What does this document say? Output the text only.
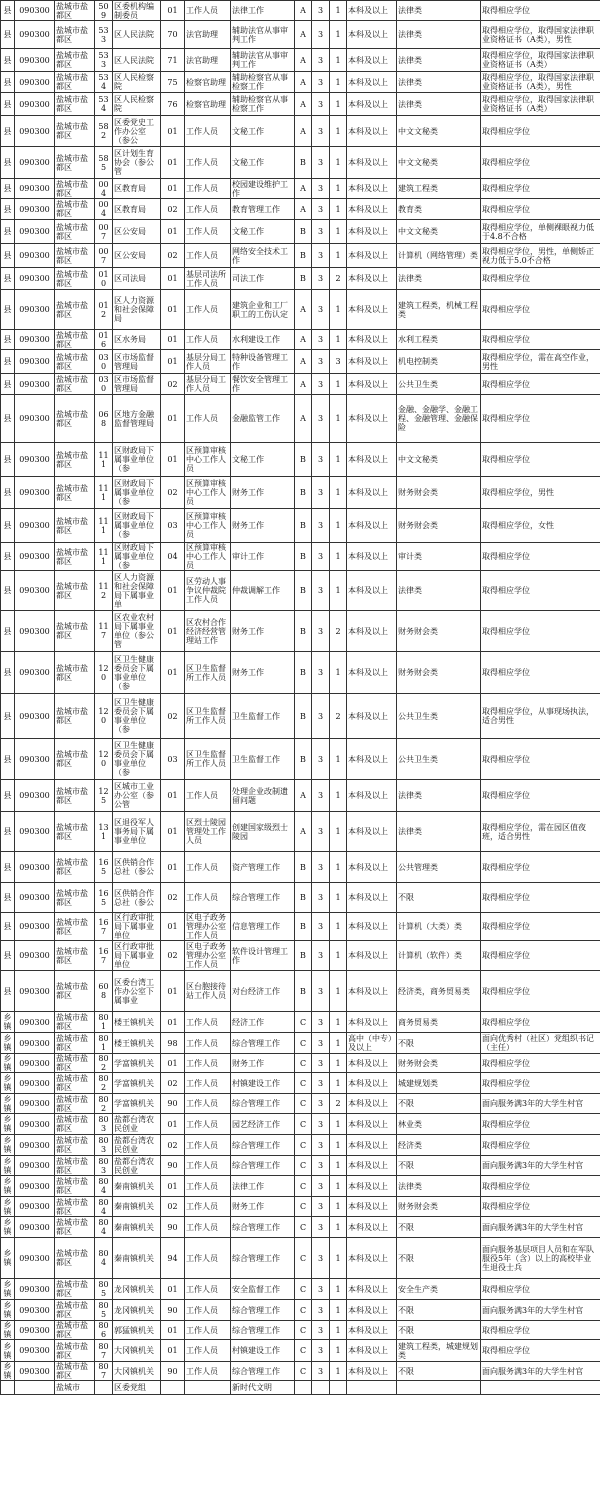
县	090300	盐城市盐都区	509	区委机构编制委员	01	工作人员	法律工作	A	3	1	本科及以上	法律类	取得相应学位
县	090300	盐城市盐都区	533	区人民法院	70	法官助理	辅助法官从事审判工作	A	3	1	本科及以上	法律类	取得相应学位，取得国家法律职业资格证书（A类），男性
县	090300	盐城市盐都区	533	区人民法院	71	法官助理	辅助法官从事审判工作	A	3	1	本科及以上	法律类	取得相应学位，取得国家法律职业资格证书（A类）
县	090300	盐城市盐都区	534	区人民检察院	75	检察官助理	辅助检察官从事检察工作	A	3	1	本科及以上	法律类	取得相应学位，取得国家法律职业资格证书（A类），男性
县	090300	盐城市盐都区	534	区人民检察院	76	检察官助理	辅助检察官从事检察工作	A	3	1	本科及以上	法律类	取得相应学位，取得国家法律职业资格证书（A类）
县	090300	盐城市盐都区	582	区委党史工作办公室（参公	01	工作人员	文秘工作	A	3	1	本科及以上	中文文秘类	取得相应学位
县	090300	盐城市盐都区	585	区计划生育协会（参公管	01	工作人员	文秘工作	B	3	1	本科及以上	中文文秘类	取得相应学位
县	090300	盐城市盐都区	004	区教育局	01	工作人员	校园建设维护工作	A	3	1	本科及以上	建筑工程类	取得相应学位
县	090300	盐城市盐都区	004	区教育局	02	工作人员	教育管理工作	A	3	1	本科及以上	教育类	取得相应学位
县	090300	盐城市盐都区	007	区公安局	01	工作人员	文秘工作	B	3	1	本科及以上	中文文秘类	取得相应学位，单侧裸眼视力低于4.8不合格
县	090300	盐城市盐都区	007	区公安局	02	工作人员	网络安全技术工作	B	3	1	本科及以上	计算机（网络管理）类	取得相应学位，男性，单侧矫正视力低于5.0不合格
县	090300	盐城市盐都区	010	区司法局	01	基层司法所工作人员	司法工作	B	3	2	本科及以上	法律类	取得相应学位
县	090300	盐城市盐都区	012	区人力资源和社会保障局	01	工作人员	建筑企业和工厂职工的工伤认定	A	3	1	本科及以上	建筑工程类，机械工程类	取得相应学位
县	090300	盐城市盐都区	016	区水务局	01	工作人员	水利建设工作	A	3	1	本科及以上	水利工程类	取得相应学位
县	090300	盐城市盐都区	030	区市场监督管理局	01	基层分局工作人员	特种设备管理工作	A	3	3	本科及以上	机电控制类	取得相应学位，需在高空作业，男性
县	090300	盐城市盐都区	030	区市场监督管理局	02	基层分局工作人员	餐饮安全管理工作	A	3	1	本科及以上	公共卫生类	取得相应学位
县	090300	盐城市盐都区	068	区地方金融监督管理局	01	工作人员	金融监管工作	A	3	1	本科及以上	金融、金融学、金融工程、金融管理、金融保险	取得相应学位
县	090300	盐城市盐都区	111	区财政局下属事业单位（参	01	区预算审核中心工作人员	文秘工作	B	3	1	本科及以上	中文文秘类	取得相应学位
县	090300	盐城市盐都区	111	区财政局下属事业单位（参	02	区预算审核中心工作人员	财务工作	B	3	1	本科及以上	财务财会类	取得相应学位，男性
县	090300	盐城市盐都区	111	区财政局下属事业单位（参	03	区预算审核中心工作人员	财务工作	B	3	1	本科及以上	财务财会类	取得相应学位，女性
县	090300	盐城市盐都区	111	区财政局下属事业单位（参	04	区预算审核中心工作人员	审计工作	B	3	1	本科及以上	审计类	取得相应学位
县	090300	盐城市盐都区	112	区人力资源和社会保障局下属事业单	01	区劳动人事争议仲裁院工作人员	仲裁调解工作	B	3	1	本科及以上	法律类	取得相应学位
县	090300	盐城市盐都区	117	区农业农村局下属事业单位（参公管	01	区农村合作经济经营管理站工作	财务工作	B	3	2	本科及以上	财务财会类	取得相应学位
县	090300	盐城市盐都区	120	区卫生健康委员会下属事业单位（参	01	区卫生监督所工作人员	财务工作	B	3	1	本科及以上	财务财会类	取得相应学位
县	090300	盐城市盐都区	120	区卫生健康委员会下属事业单位（参	02	区卫生监督所工作人员	卫生监督工作	B	3	2	本科及以上	公共卫生类	取得相应学位，从事现场执法，适合男性
县	090300	盐城市盐都区	120	区卫生健康委员会下属事业单位（参	03	区卫生监督所工作人员	卫生监督工作	B	3	1	本科及以上	公共卫生类	取得相应学位
县	090300	盐城市盐都区	125	区城市工业办公室（参公管	01	工作人员	处理企业改制遗留问题	A	3	1	本科及以上	法律类	取得相应学位
县	090300	盐城市盐都区	131	区退役军人事务局下属事业单位	01	区烈士陵园管理处工作人员	创建国家级烈士陵园	A	3	1	本科及以上	法律类	取得相应学位，需在园区值夜班，适合男性
县	090300	盐城市盐都区	165	区供销合作总社（参公	01	工作人员	资产管理工作	B	3	1	本科及以上	公共管理类	取得相应学位
县	090300	盐城市盐都区	165	区供销合作总社（参公	02	工作人员	综合管理工作	B	3	1	本科及以上	不限	取得相应学位
县	090300	盐城市盐都区	167	区行政审批局下属事业单位	01	区电子政务管理办公室工作人员	信息管理工作	B	3	1	本科及以上	计算机（大类）类	取得相应学位
县	090300	盐城市盐都区	167	区行政审批局下属事业单位	02	区电子政务管理办公室工作人员	软件设计管理工作	B	3	1	本科及以上	计算机（软件）类	取得相应学位
县	090300	盐城市盐都区	608	区委台湾工作办公室下属事业	01	区台胞接待站工作人员	对台经济工作	B	3	1	本科及以上	经济类，商务贸易类	取得相应学位
乡镇	090300	盐城市盐都区	801	楼王镇机关	01	工作人员	经济工作	C	3	1	本科及以上	商务贸易类	取得相应学位
乡镇	090300	盐城市盐都区	801	楼王镇机关	98	工作人员	综合管理工作	C	3	1	高中（中专）及以上	不限	面向优秀村（社区）党组织书记（主任）
乡镇	090300	盐城市盐都区	802	学富镇机关	01	工作人员	财务工作	C	3	1	本科及以上	财务财会类	取得相应学位
乡镇	090300	盐城市盐都区	802	学富镇机关	02	工作人员	村镇建设工作	C	3	1	本科及以上	城建规划类	取得相应学位
乡镇	090300	盐城市盐都区	802	学富镇机关	90	工作人员	综合管理工作	C	3	2	本科及以上	不限	面向服务满3年的大学生村官
乡镇	090300	盐城市盐都区	803	盐都台湾农民创业	01	工作人员	园艺经济工作	C	3	1	本科及以上	林业类	取得相应学位
乡镇	090300	盐城市盐都区	803	盐都台湾农民创业	02	工作人员	综合管理工作	C	3	1	本科及以上	经济类	取得相应学位
乡镇	090300	盐城市盐都区	803	盐都台湾农民创业	90	工作人员	综合管理工作	C	3	1	本科及以上	不限	面向服务满3年的大学生村官
乡镇	090300	盐城市盐都区	804	秦南镇机关	01	工作人员	法律工作	C	3	1	本科及以上	法律类	取得相应学位
乡镇	090300	盐城市盐都区	804	秦南镇机关	02	工作人员	财务工作	C	3	1	本科及以上	财务财会类	取得相应学位
乡镇	090300	盐城市盐都区	804	秦南镇机关	90	工作人员	综合管理工作	C	3	1	本科及以上	不限	面向服务满3年的大学生村官
乡镇	090300	盐城市盐都区	804	秦南镇机关	94	工作人员	综合管理工作	C	3	1	本科及以上	不限	面向服务基层项目人员和在军队服役5年（含）以上的高校毕业生退役士兵
乡镇	090300	盐城市盐都区	805	龙冈镇机关	01	工作人员	安全监督工作	C	3	1	本科及以上	安全生产类	取得相应学位
乡镇	090300	盐城市盐都区	805	龙冈镇机关	90	工作人员	综合管理工作	C	3	1	本科及以上	不限	面向服务满3年的大学生村官
乡镇	090300	盐城市盐都区	806	郭猛镇机关	01	工作人员	综合管理工作	C	3	1	本科及以上	不限	取得相应学位
乡镇	090300	盐城市盐都区	807	大冈镇机关	01	工作人员	村镇建设工作	C	3	1	本科及以上	建筑工程类，城建规划类	取得相应学位
乡镇	090300	盐城市盐都区	807	大冈镇机关	90	工作人员	综合管理工作	C	3	1	本科及以上	不限	面向服务满3年的大学生村官
		盐城市		区委党组			新时代文明						
